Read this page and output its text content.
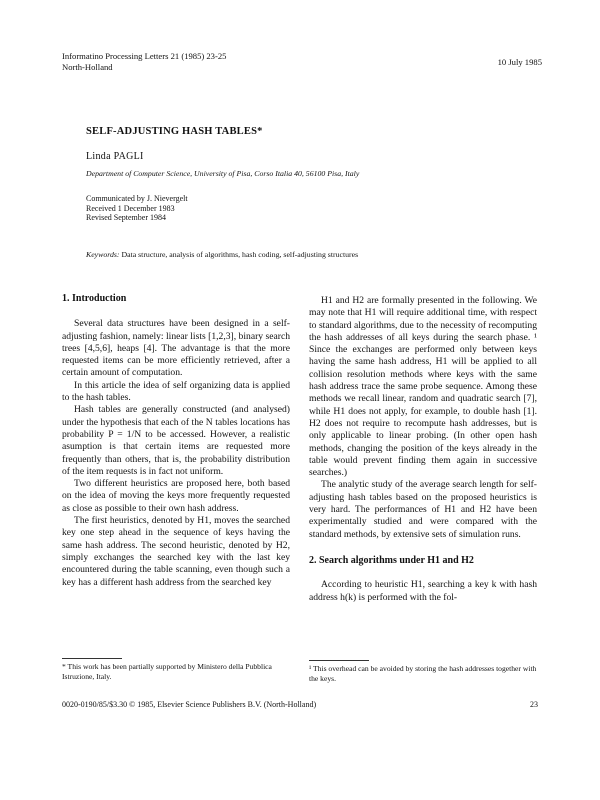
Informatino Processing Letters 21 (1985) 23-25
North-Holland	10 July 1985
SELF-ADJUSTING HASH TABLES*
Linda PAGLI
Department of Computer Science, University of Pisa, Corso Italia 40, 56100 Pisa, Italy
Communicated by J. Nievergelt
Received 1 December 1983
Revised September 1984
Keywords: Data structure, analysis of algorithms, hash coding, self-adjusting structures
1. Introduction

Several data structures have been designed in a self-adjusting fashion, namely: linear lists [1,2,3], binary search trees [4,5,6], heaps [4]. The advantage is that the more requested items can be more efficiently retrieved, after a certain amount of computation.

In this article the idea of self organizing data is applied to the hash tables.

Hash tables are generally constructed (and analysed) under the hypothesis that each of the N tables locations has probability P = 1/N to be accessed. However, a realistic asumption is that certain items are requested more frequently than others, that is, the probability distribution of the item requests is in fact not uniform.

Two different heuristics are proposed here, both based on the idea of moving the keys more frequently requested as close as possible to their own hash address.

The first heuristics, denoted by H1, moves the searched key one step ahead in the sequence of keys having the same hash address. The second heuristic, denoted by H2, simply exchanges the searched key with the last key encountered during the table scanning, even though such a key has a different hash address from the searched key

* This work has been partially supported by Ministero della Pubblica Istruzione, Italy.

H1 and H2 are formally presented in the following. We may note that H1 will require additional time, with respect to standard algorithms, due to the necessity of recomputing the hash addresses of all keys during the search phase. ¹ Since the exchanges are performed only between keys having the same hash address, H1 will be applied to all collision resolution methods where keys with the same hash address trace the same probe sequence. Among these methods we recall linear, random and quadratic search [7], while H1 does not apply, for example, to double hash [1]. H2 does not require to recompute hash addresses, but is only applicable to linear probing. (In other open hash methods, changing the position of the keys already in the table would prevent finding them again in successive searches.)

The analytic study of the average search length for self-adjusting hash tables based on the proposed heuristics is very hard. The performances of H1 and H2 have been experimentally studied and were compared with the standard methods, by extensive sets of simulation runs.

2. Search algorithms under H1 and H2

According to heuristic H1, searching a key k with hash address h(k) is performed with the fol-

¹ This overhead can be avoided by storing the hash addresses together with the keys.
0020-0190/85/$3.30 © 1985, Elsevier Science Publishers B.V. (North-Holland)	23
